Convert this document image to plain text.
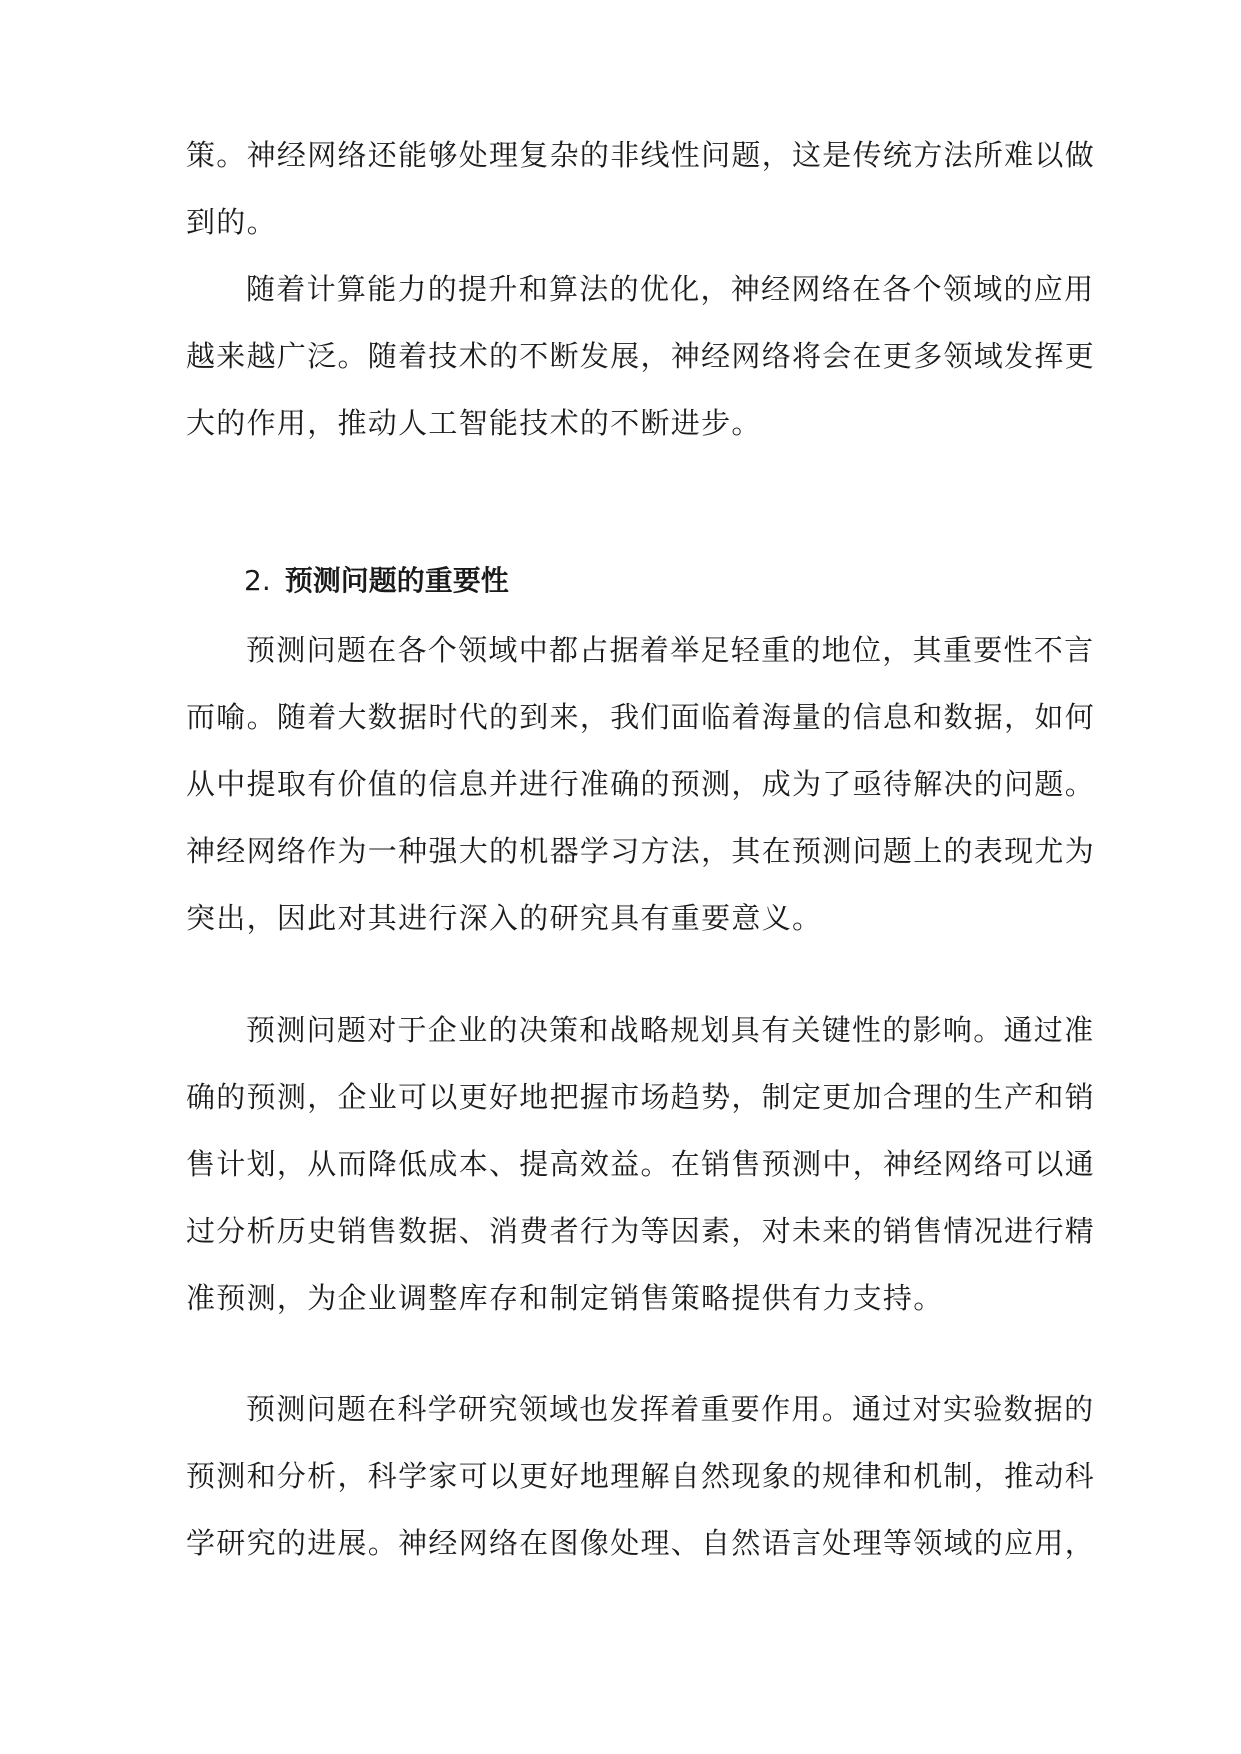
策。神经网络还能够处理复杂的非线性问题，这是传统方法所难以做
到的。
随着计算能力的提升和算法的优化，神经网络在各个领域的应用
越来越广泛。随着技术的不断发展，神经网络将会在更多领域发挥更
大的作用，推动人工智能技术的不断进步。
2. 预测问题的重要性
预测问题在各个领域中都占据着举足轻重的地位，其重要性不言
而喻。随着大数据时代的到来，我们面临着海量的信息和数据，如何
从中提取有价值的信息并进行准确的预测，成为了亟待解决的问题。
神经网络作为一种强大的机器学习方法，其在预测问题上的表现尤为
突出，因此对其进行深入的研究具有重要意义。
预测问题对于企业的决策和战略规划具有关键性的影响。通过准
确的预测，企业可以更好地把握市场趋势，制定更加合理的生产和销
售计划，从而降低成本、提高效益。在销售预测中，神经网络可以通
过分析历史销售数据、消费者行为等因素，对未来的销售情况进行精
准预测，为企业调整库存和制定销售策略提供有力支持。
预测问题在科学研究领域也发挥着重要作用。通过对实验数据的
预测和分析，科学家可以更好地理解自然现象的规律和机制，推动科
学研究的进展。神经网络在图像处理、自然语言处理等领域的应用，
